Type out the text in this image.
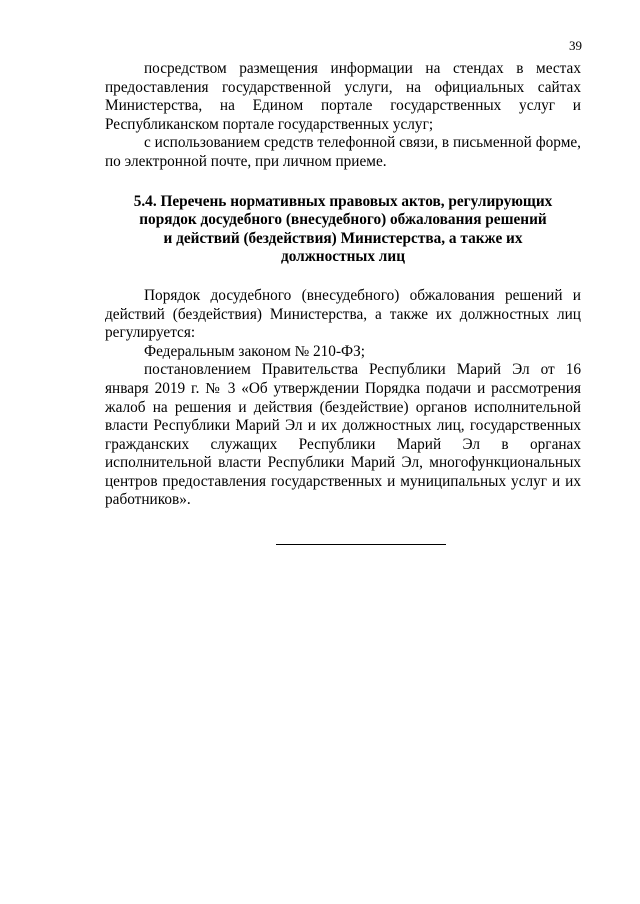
39

посредством размещения информации на стендах в местах предоставления государственной услуги, на официальных сайтах Министерства, на Едином портале государственных услуг и Республиканском портале государственных услуг;

с использованием средств телефонной связи, в письменной форме, по электронной почте, при личном приеме.

5.4. Перечень нормативных правовых актов, регулирующих
порядок досудебного (внесудебного) обжалования решений
и действий (бездействия) Министерства, а также их
должностных лиц

Порядок досудебного (внесудебного) обжалования решений и действий (бездействия) Министерства, а также их должностных лиц регулируется:

Федеральным законом № 210-ФЗ;

постановлением Правительства Республики Марий Эл от 16 января 2019 г. № 3 «Об утверждении Порядка подачи и рассмотрения жалоб на решения и действия (бездействие) органов исполнительной власти Республики Марий Эл и их должностных лиц, государственных гражданских служащих Республики Марий Эл в органах исполнительной власти Республики Марий Эл, многофункциональных центров предоставления государственных и муниципальных услуг и их работников».
